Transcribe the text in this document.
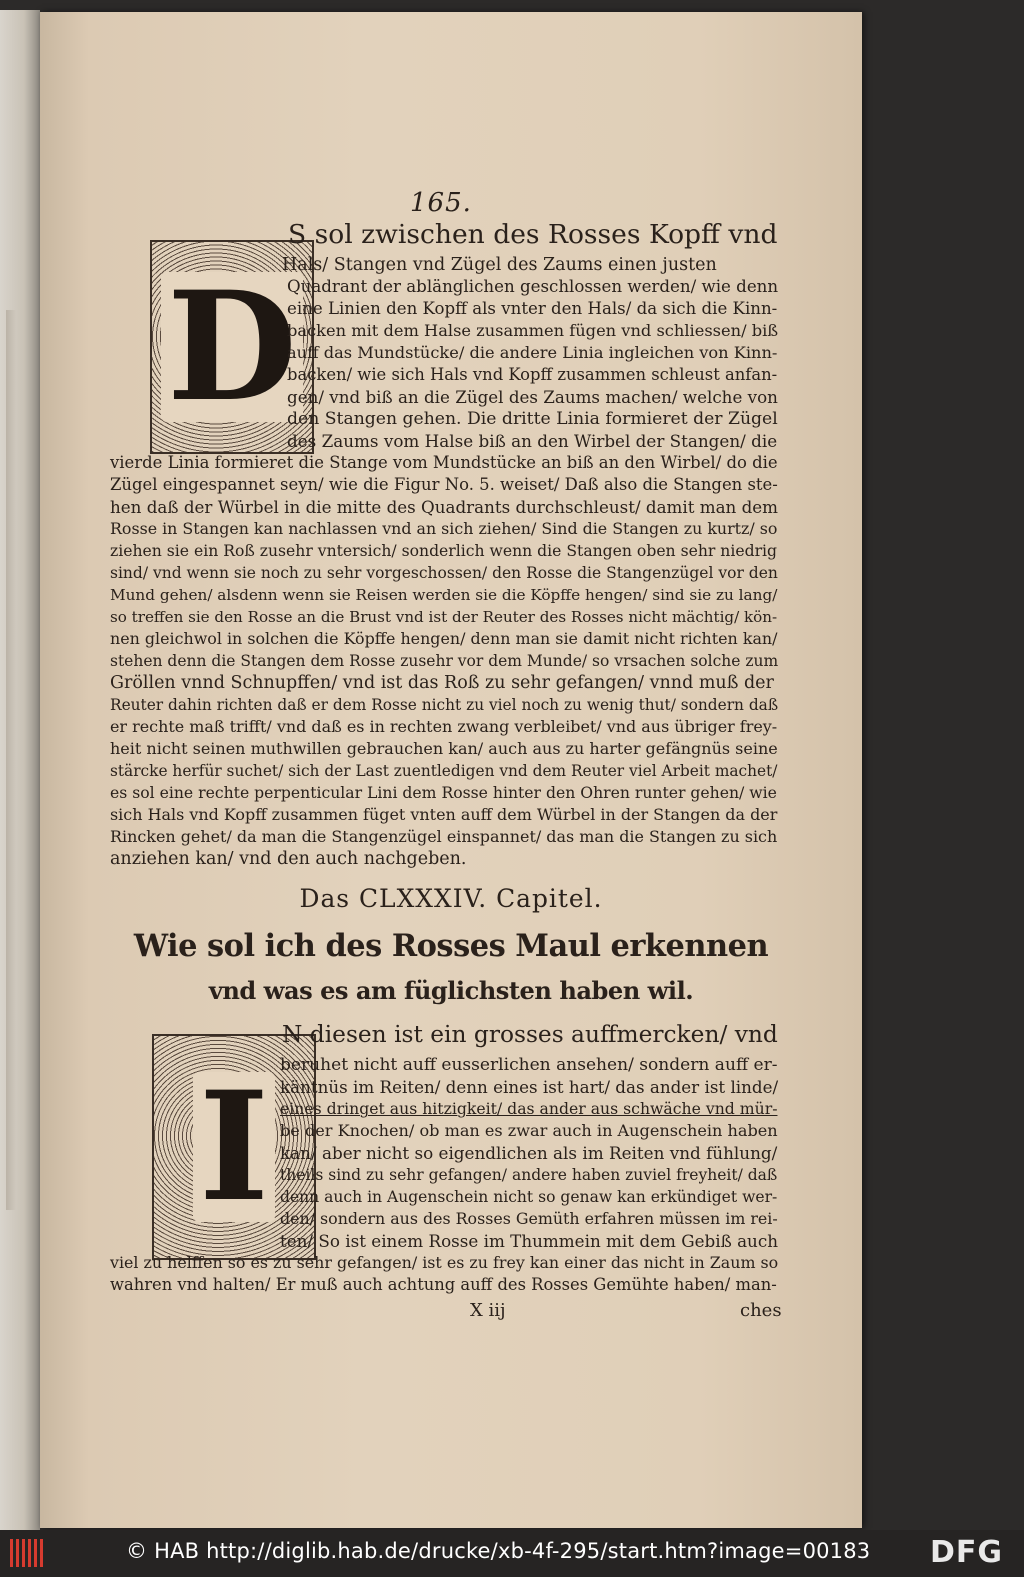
165.
D
S sol zwischen des Rosses Kopff vnd
Hals/ Stangen vnd Zügel des Zaums einen justen
Quadrant der ablänglichen geschlossen werden/ wie denn
eine Linien den Kopff als vnter den Hals/ da sich die Kinn-
backen mit dem Halse zusammen fügen vnd schliessen/ biß
auff das Mundstücke/ die andere Linia ingleichen von Kinn-
backen/ wie sich Hals vnd Kopff zusammen schleust anfan-
gen/ vnd biß an die Zügel des Zaums machen/ welche von
den Stangen gehen. Die dritte Linia formieret der Zügel
des Zaums vom Halse biß an den Wirbel der Stangen/ die
vierde Linia formieret die Stange vom Mundstücke an biß an den Wirbel/ do die
Zügel eingespannet seyn/ wie die Figur No. 5. weiset/ Daß also die Stangen ste-
hen daß der Würbel in die mitte des Quadrants durchschleust/ damit man dem
Rosse in Stangen kan nachlassen vnd an sich ziehen/ Sind die Stangen zu kurtz/ so
ziehen sie ein Roß zusehr vntersich/ sonderlich wenn die Stangen oben sehr niedrig
sind/ vnd wenn sie noch zu sehr vorgeschossen/ den Rosse die Stangenzügel vor den
Mund gehen/ alsdenn wenn sie Reisen werden sie die Köpffe hengen/ sind sie zu lang/
so treffen sie den Rosse an die Brust vnd ist der Reuter des Rosses nicht mächtig/ kön-
nen gleichwol in solchen die Köpffe hengen/ denn man sie damit nicht richten kan/
stehen denn die Stangen dem Rosse zusehr vor dem Munde/ so vrsachen solche zum
Gröllen vnnd Schnupffen/ vnd ist das Roß zu sehr gefangen/ vnnd muß der
Reuter dahin richten daß er dem Rosse nicht zu viel noch zu wenig thut/ sondern daß
er rechte maß trifft/ vnd daß es in rechten zwang verbleibet/ vnd aus übriger frey-
heit nicht seinen muthwillen gebrauchen kan/ auch aus zu harter gefängnüs seine
stärcke herfür suchet/ sich der Last zuentledigen vnd dem Reuter viel Arbeit machet/
es sol eine rechte perpenticular Lini dem Rosse hinter den Ohren runter gehen/ wie
sich Hals vnd Kopff zusammen füget vnten auff dem Würbel in der Stangen da der
Rincken gehet/ da man die Stangenzügel einspannet/ das man die Stangen zu sich
anziehen kan/ vnd den auch nachgeben.
Das CLXXXIV. Capitel.
Wie sol ich des Rosses Maul erkennen
vnd was es am füglichsten haben wil.
I
N diesen ist ein grosses auffmercken/ vnd
beruhet nicht auff eusserlichen ansehen/ sondern auff er-
käntnüs im Reiten/ denn eines ist hart/ das ander ist linde/
eines dringet aus hitzigkeit/ das ander aus schwäche vnd mür-
be der Knochen/ ob man es zwar auch in Augenschein haben
kan/ aber nicht so eigendlichen als im Reiten vnd fühlung/
theils sind zu sehr gefangen/ andere haben zuviel freyheit/ daß
denn auch in Augenschein nicht so genaw kan erkündiget wer-
den/ sondern aus des Rosses Gemüth erfahren müssen im rei-
ten/ So ist einem Rosse im Thummein mit dem Gebiß auch
viel zu helffen so es zu sehr gefangen/ ist es zu frey kan einer das nicht in Zaum so
wahren vnd halten/ Er muß auch achtung auff des Rosses Gemühte haben/ man-
X iij	ches
© HAB http://diglib.hab.de/drucke/xb-4f-295/start.htm?image=00183 DFG
